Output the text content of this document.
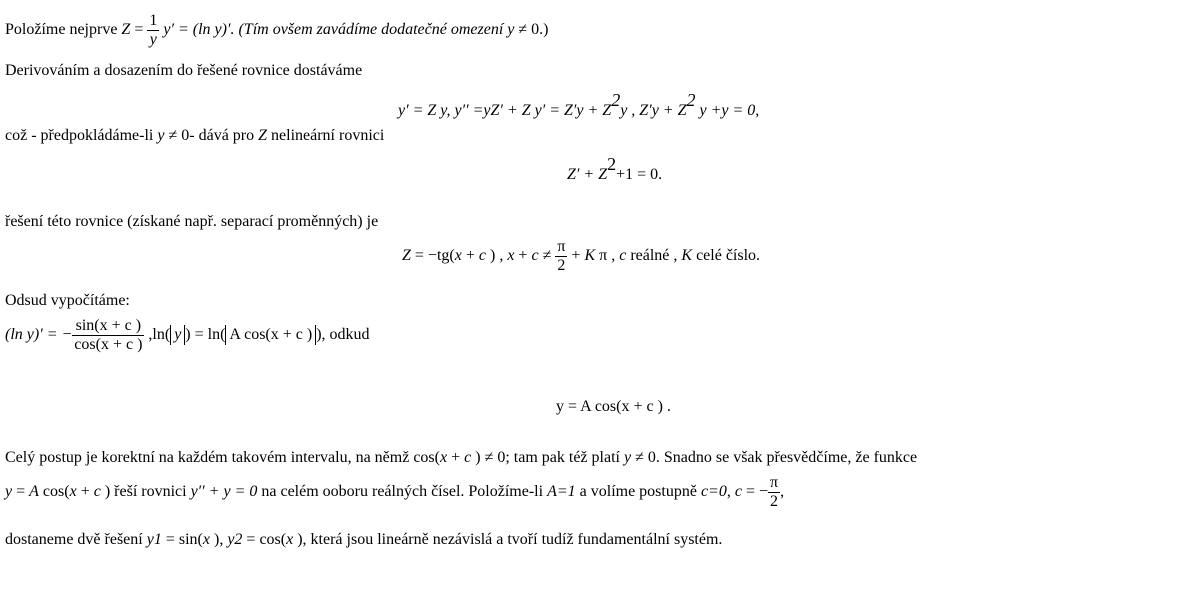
Položíme nejprve $Z = \frac{1}{y} y' = (\ln$ y)′. (Tím ovšem zavádíme dodatečné omezení y ≠ 0.)
Derivováním a dosazením do řešené rovnice dostáváme
y′ = Z y, y′′ =yZ′ + Z y′ = Z′y + Z2y , Z′y + Z2 y +y = 0,
což - předpokládáme-li y ≠ 0- dává pro Z nelineární rovnici
Z′ + Z2+1 = 0.
řešení této rovnice (získané např. separací proměnných) je
Z = −tg(x + c ) , $x + c \ne \frac{\pi}{2} + K$ π , c reálné , K celé číslo.
Odsud vypočítáme:
(ln y)′ = − $\frac{\sin(x + c )}{\cos(x + c )} ,\ln$( y ) = ln( A cos(x + c ) ), odkud
y = A cos(x + c ) .
Celý postup je korektní na každém takovém intervalu, na němž cos(x + c ) ≠ 0; tam pak též platí y ≠ 0. Snadno se však přesvědčíme, že funkce
y = A cos(x + c ) řeší rovnici y′′ + y = 0 na celém ooboru reálných čísel. Položíme-li A=1 a volíme postupně c=0, c = − $\frac{\pi}{2}$ ,
dostaneme dvě řešení y1 = sin(x ), y2 = cos(x ), která jsou lineárně nezávislá a tvoří tudíž fundamentální systém.
